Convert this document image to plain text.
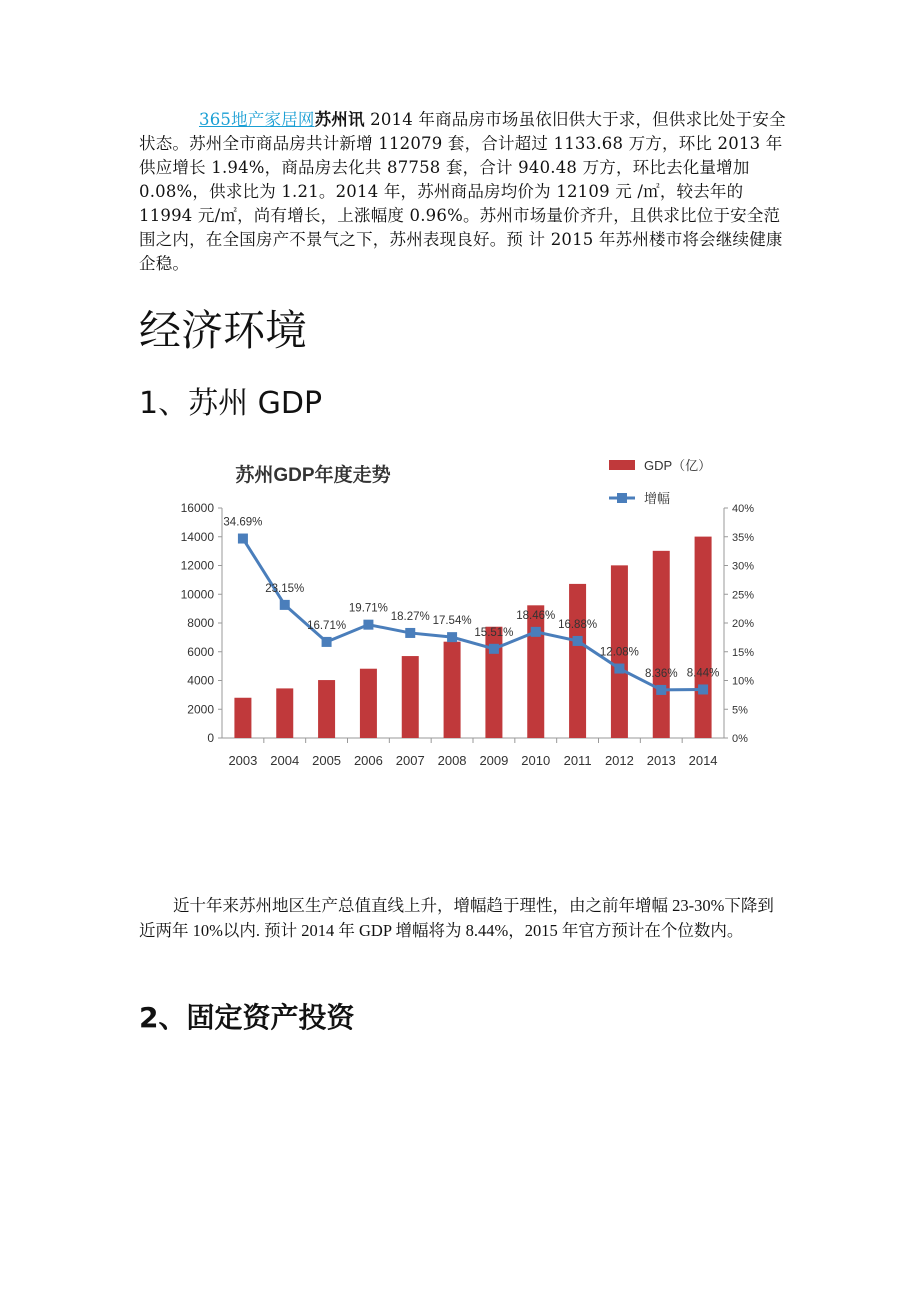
365地产家居网苏州讯 2014 年商品房市场虽依旧供大于求，但供求比处于安全状态。苏州全市商品房共计新增 112079 套，合计超过 1133.68 万方，环比 2013 年供应增长 1.94%，商品房去化共 87758 套，合计 940.48 万方，环比去化量增加 0.08%，供求比为 1.21。2014 年，苏州商品房均价为 12109 元 /㎡，较去年的 11994 元/㎡，尚有增长，上涨幅度 0.96%。苏州市场量价齐升，且供求比位于安全范围之内，在全国房产不景气之下，苏州表现良好。预 计 2015 年苏州楼市将会继续健康企稳。
经济环境
1、苏州 GDP
苏州GDP年度走势	GDP（亿）
增幅
0
2000
4000
6000
8000
10000
12000
14000
16000
0%
5%
10%
15%
20%
25%
30%
35%
40%
2003 2004 2005 2006 2007 2008 2009 2010 2011 2012 2013 2014
34.69%
23.15%
16.71%
19.71%
18.27% 17.54%
15.51%
18.46%
16.88%
12.08%
8.36% 8.44%
近十年来苏州地区生产总值直线上升，增幅趋于理性，由之前年增幅 23-30%下降到近两年 10%以内. 预计 2014 年 GDP 增幅将为 8.44%，2015 年官方预计在个位数内。
2、固定资产投资
